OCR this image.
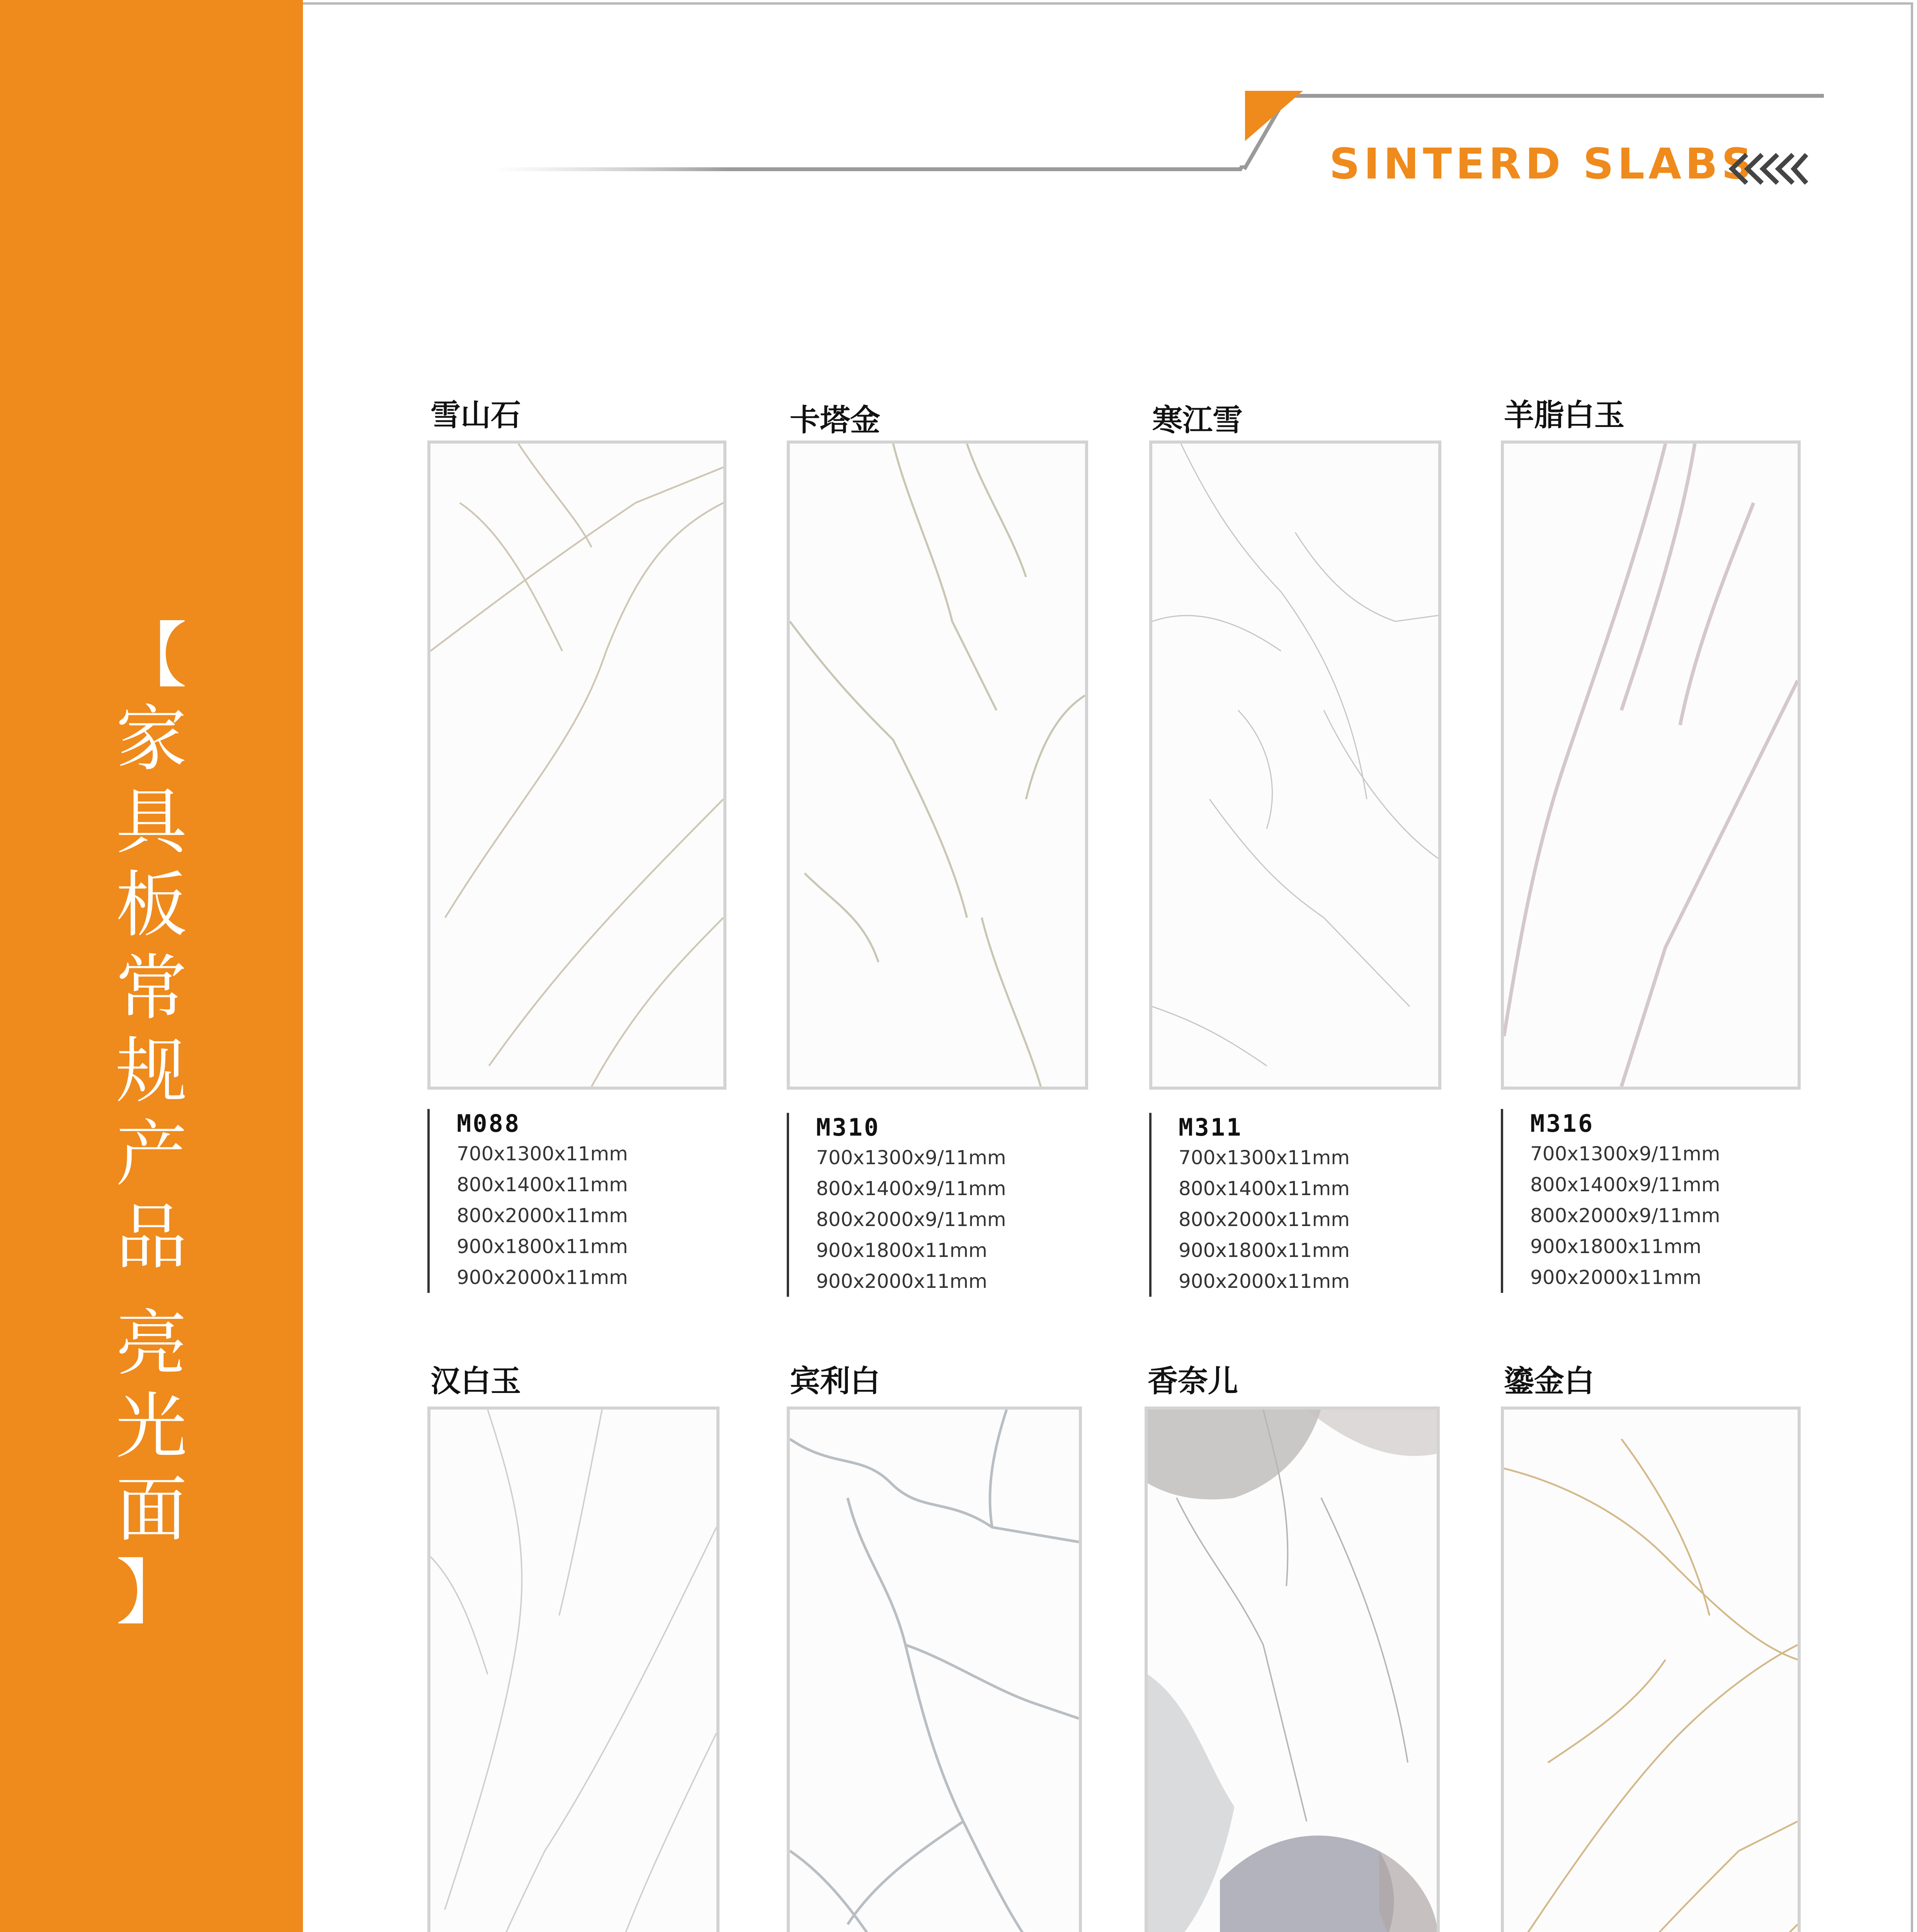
【
家
具
板
常
规
产
品
亮
光
面
】
SINTERD SLABS
雪山石
M088
700x1300x11mm
800x1400x11mm
800x2000x11mm
900x1800x11mm
900x2000x11mm
卡塔金
M310
700x1300x9/11mm
800x1400x9/11mm
800x2000x9/11mm
900x1800x11mm
900x2000x11mm
寒江雪
M311
700x1300x11mm
800x1400x11mm
800x2000x11mm
900x1800x11mm
900x2000x11mm
羊脂白玉
M316
700x1300x9/11mm
800x1400x9/11mm
800x2000x9/11mm
900x1800x11mm
900x2000x11mm
汉白玉	宾利白	香奈儿	鎏金白
